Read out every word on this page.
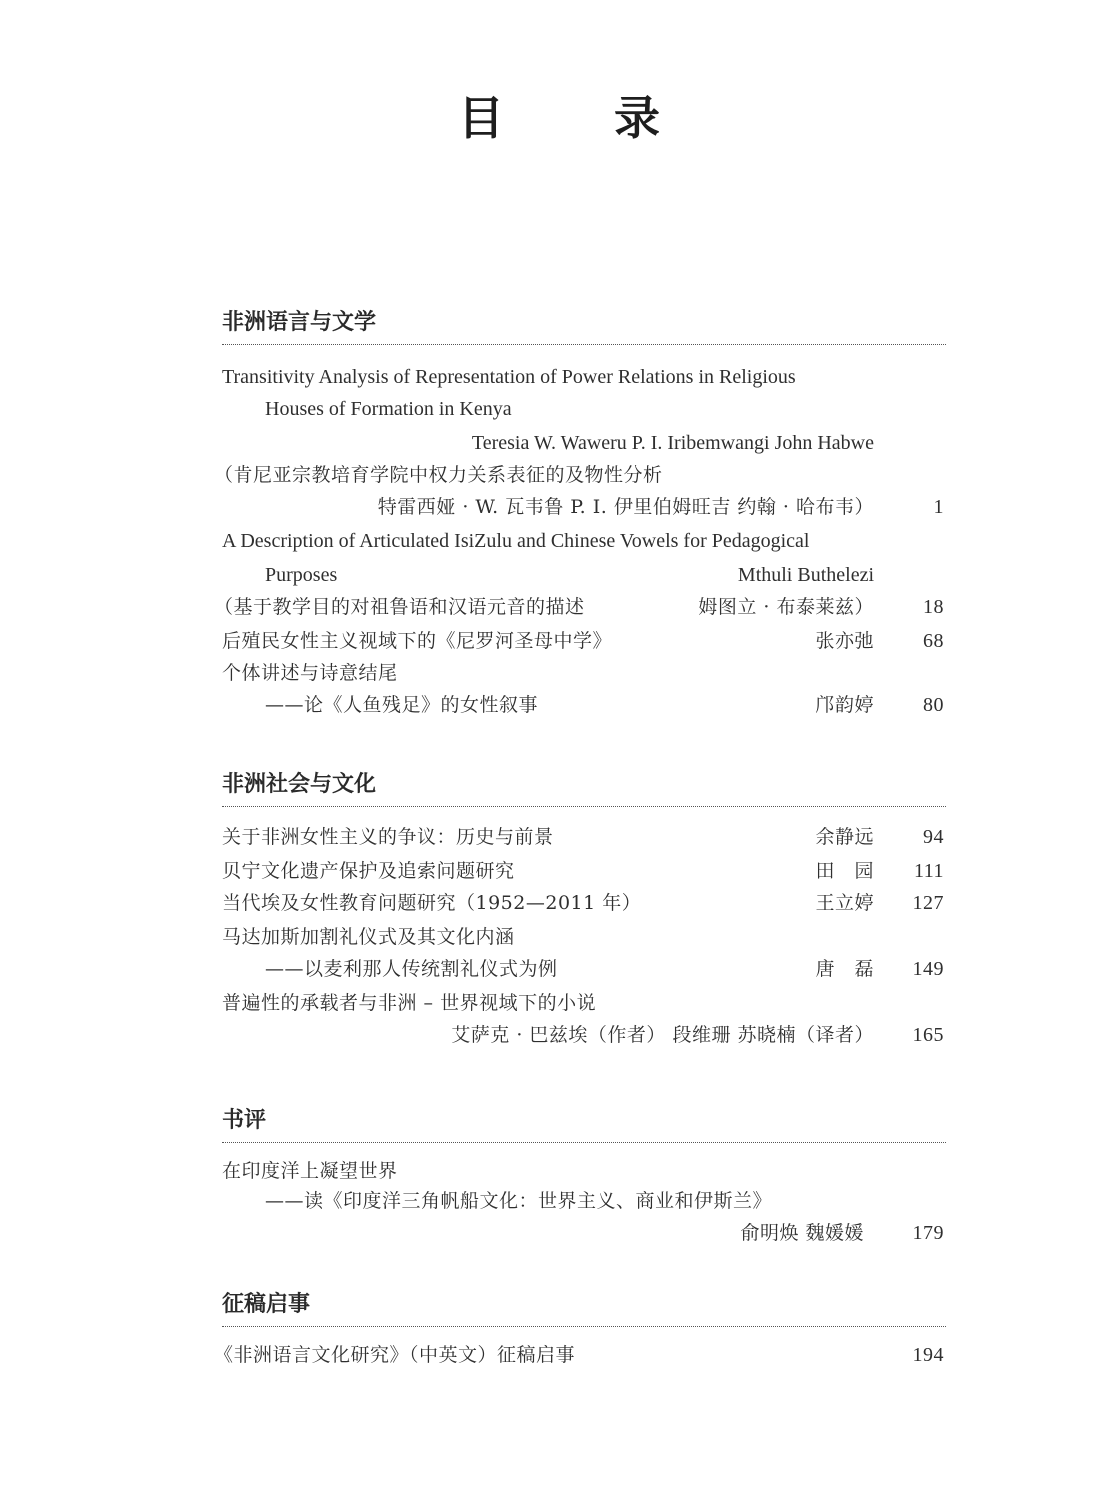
目 录
非洲语言与文学
Transitivity Analysis of Representation of Power Relations in Religious
Houses of Formation in Kenya
Teresia W. Waweru P. I. Iribemwangi John Habwe
（肯尼亚宗教培育学院中权力关系表征的及物性分析
特雷西娅 · W. 瓦韦鲁 P. I. 伊里伯姆旺吉 约翰 · 哈布韦）	1
A Description of Articulated IsiZulu and Chinese Vowels for Pedagogical
Purposes	Mthuli Buthelezi
（基于教学目的对祖鲁语和汉语元音的描述	姆图立 · 布泰莱兹）	18
后殖民女性主义视域下的《尼罗河圣母中学》	张亦弛	68
个体讲述与诗意结尾
——论《人鱼残足》的女性叙事	邝韵婷	80
非洲社会与文化
关于非洲女性主义的争议：历史与前景	余静远	94
贝宁文化遗产保护及追索问题研究	田　园	111
当代埃及女性教育问题研究（1952—2011 年）	王立婷	127
马达加斯加割礼仪式及其文化内涵
——以麦利那人传统割礼仪式为例	唐　磊	149
普遍性的承载者与非洲 – 世界视域下的小说
艾萨克 · 巴兹埃（作者） 段维珊 苏晓楠（译者）	165
书评
在印度洋上凝望世界
——读《印度洋三角帆船文化：世界主义、商业和伊斯兰》
俞明焕 魏媛媛	179
征稿启事
《非洲语言文化研究》（中英文）征稿启事	194
